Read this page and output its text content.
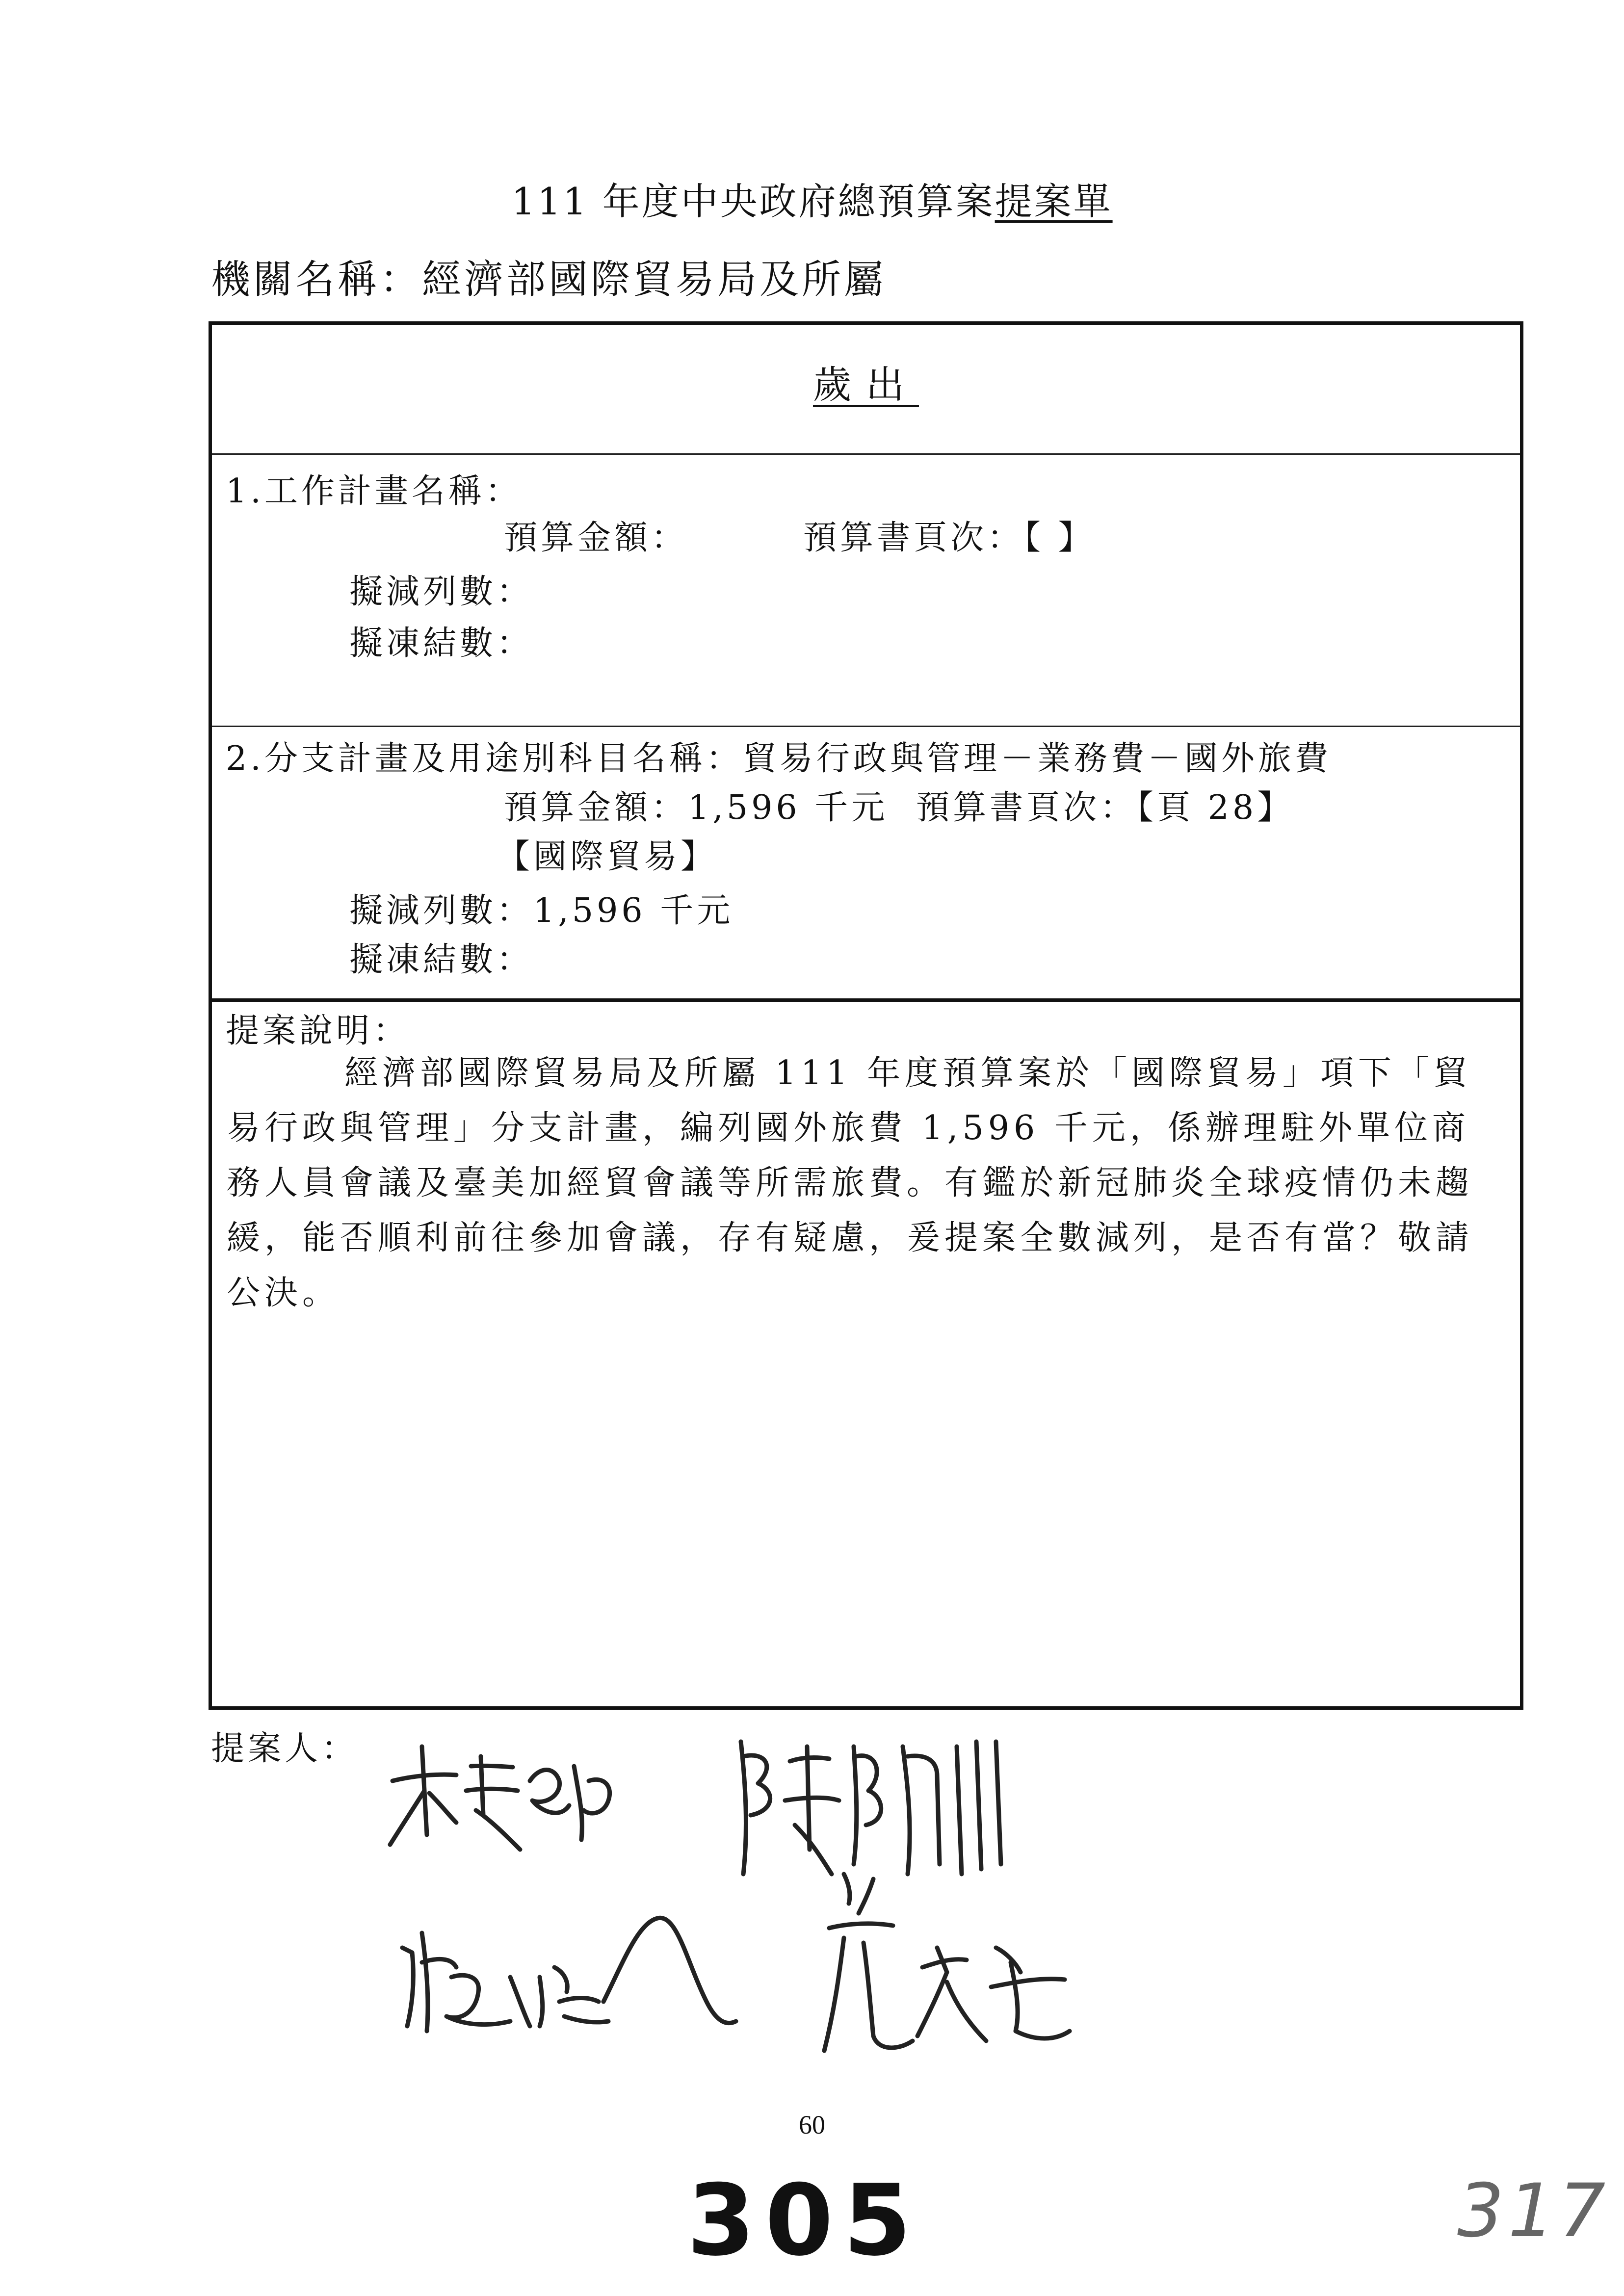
111 年度中央政府總預算案提案單
機關名稱：經濟部國際貿易局及所屬
歲出
1.工作計畫名稱：
預算金額：	預算書頁次：【 】
擬減列數：
擬凍結數：
2.分支計畫及用途別科目名稱：貿易行政與管理－業務費－國外旅費
預算金額：1,596 千元 預算書頁次：【頁 28】
【國際貿易】
擬減列數：1,596 千元
擬凍結數：
提案說明：
經濟部國際貿易局及所屬 111 年度預算案於「國際貿易」項下「貿易行政與管理」分支計畫，編列國外旅費 1,596 千元，係辦理駐外單位商務人員會議及臺美加經貿會議等所需旅費。有鑑於新冠肺炎全球疫情仍未趨緩，能否順利前往參加會議，存有疑慮，爰提案全數減列，是否有當？敬請公決。
提案人：
60
305	317
